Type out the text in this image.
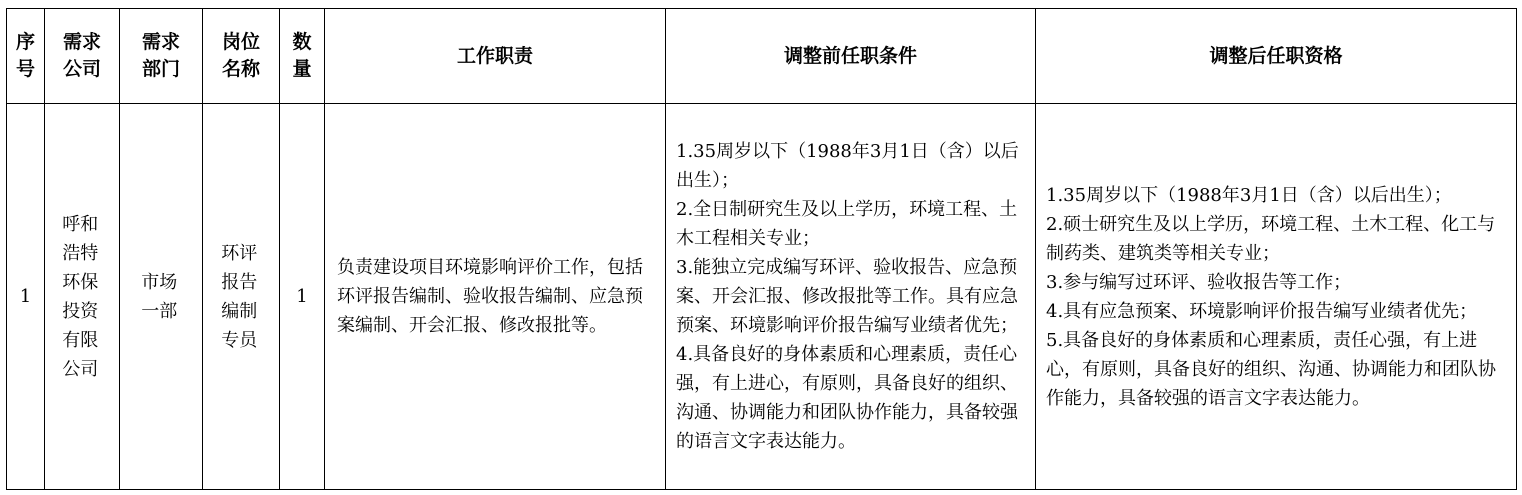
序号	需求公司	需求部门	岗位名称	数量	工作职责	调整前任职条件	调整后任职资格
1	呼和浩特环保投资有限公司	市场一部	环评报告编制专员	1	负责建设项目环境影响评价工作，包括环评报告编制、验收报告编制、应急预案编制、开会汇报、修改报批等。	1.35周岁以下（1988年3月1日（含）以后出生）；
2.全日制研究生及以上学历，环境工程、土木工程相关专业；
3.能独立完成编写环评、验收报告、应急预案、开会汇报、修改报批等工作。具有应急预案、环境影响评价报告编写业绩者优先；
4.具备良好的身体素质和心理素质，责任心强，有上进心，有原则，具备良好的组织、沟通、协调能力和团队协作能力，具备较强的语言文字表达能力。	1.35周岁以下（1988年3月1日（含）以后出生）；
2.硕士研究生及以上学历，环境工程、土木工程、化工与制药类、建筑类等相关专业；
3.参与编写过环评、验收报告等工作；
4.具有应急预案、环境影响评价报告编写业绩者优先；
5.具备良好的身体素质和心理素质，责任心强，有上进心，有原则，具备良好的组织、沟通、协调能力和团队协作能力，具备较强的语言文字表达能力。
